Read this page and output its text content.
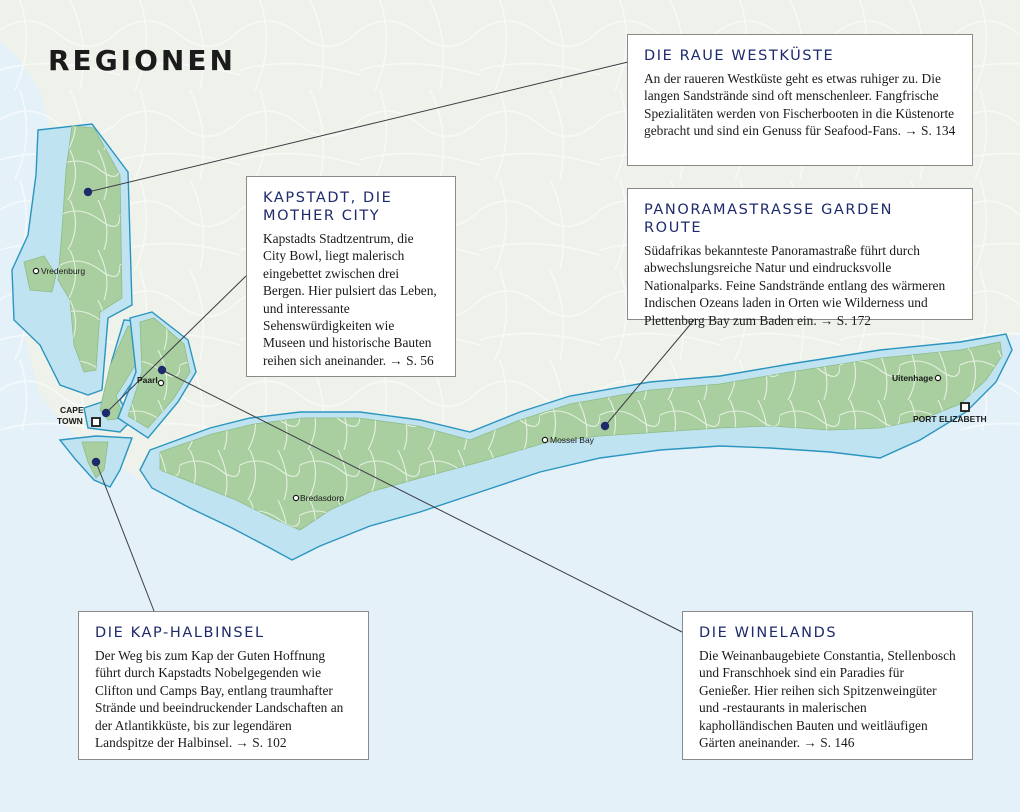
Vredenburg
Paarl
CAPE
TOWN
Mossel Bay
Bredasdorp
Uitenhage
PORT ELIZABETH
REGIONEN	DIE RAUE WESTKÜSTE

An der raueren Westküste geht es etwas ruhiger zu. Die langen Sandstrände sind oft menschenleer. Fangfrische Spezialitäten werden von Fischerbooten in die Küstenorte gebracht und sind ein Genuss für Seafood-Fans. → S. 134

KAPSTADT, DIE MOTHER CITY

Kapstadts Stadtzentrum, die City Bowl, liegt malerisch eingebettet zwischen drei Bergen. Hier pulsiert das Leben, und interessante Sehenswürdigkeiten wie Museen und historische Bauten reihen sich aneinander. → S. 56

PANORAMASTRASSE GARDEN ROUTE

Südafrikas bekannteste Panoramastraße führt durch abwechslungsreiche Natur und eindrucksvolle Nationalparks. Feine Sandstrände entlang des wärmeren Indischen Ozeans laden in Orten wie Wilderness und Plettenberg Bay zum Baden ein. → S. 172

DIE KAP-HALBINSEL

Der Weg bis zum Kap der Guten Hoffnung führt durch Kapstadts Nobelgegenden wie Clifton und Camps Bay, entlang traumhafter Strände und beeindruckender Landschaften an der Atlantikküste, bis zur legendären Landspitze der Halbinsel. → S. 102

DIE WINELANDS

Die Weinanbaugebiete Constantia, Stellenbosch und Franschhoek sind ein Paradies für Genießer. Hier reihen sich Spitzenweingüter und -restaurants in malerischen kapholländischen Bauten und weitläufigen Gärten aneinander. → S. 146
